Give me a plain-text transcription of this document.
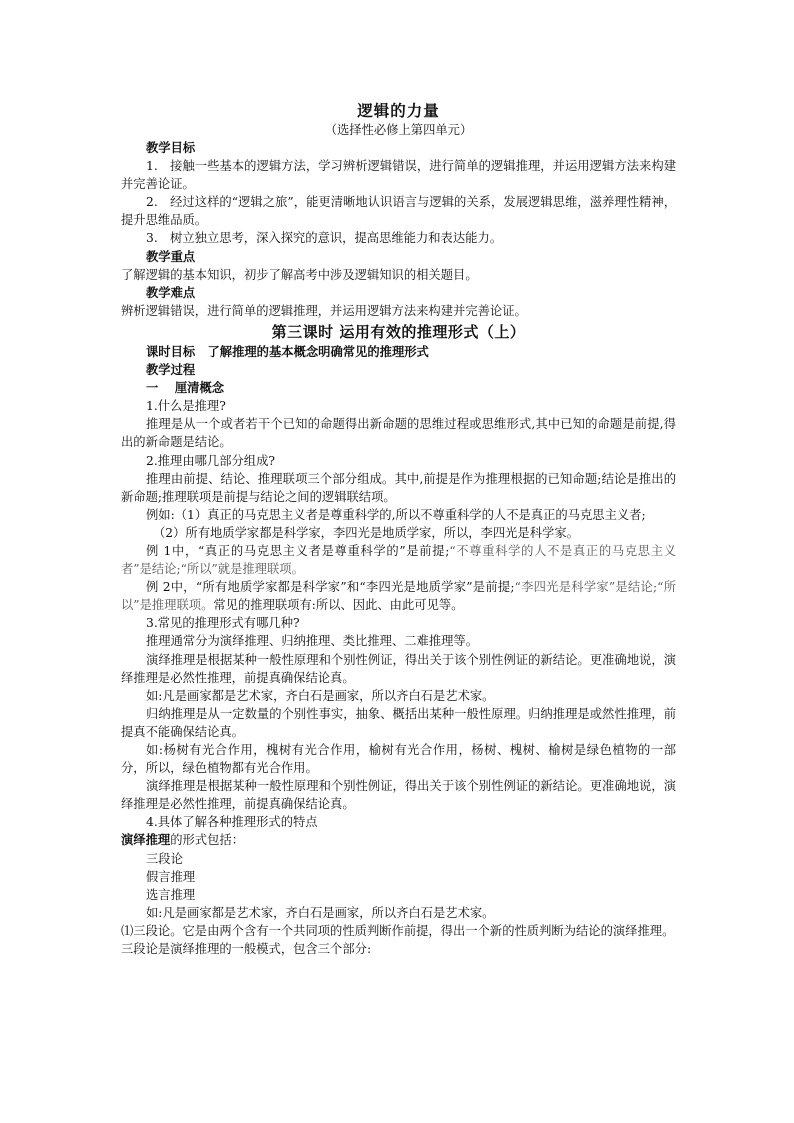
逻辑的力量

（选择性必修上第四单元）

教学目标

1.　接触一些基本的逻辑方法，学习辨析逻辑错误，进行简单的逻辑推理，并运用逻辑方法来构建并完善论证。

2.　经过这样的“逻辑之旅”，能更清晰地认识语言与逻辑的关系，发展逻辑思维，滋养理性精神，提升思维品质。

3.　树立独立思考，深入探究的意识，提高思维能力和表达能力。

教学重点

了解逻辑的基本知识，初步了解高考中涉及逻辑知识的相关题目。

教学难点

辨析逻辑错误，进行简单的逻辑推理，并运用逻辑方法来构建并完善论证。

第三课时 运用有效的推理形式（上）

课时目标　了解推理的基本概念明确常见的推理形式

教学过程

一　 厘清概念

1.什么是推理?

推理是从一个或者若干个已知的命题得出新命题的思维过程或思维形式,其中已知的命题是前提,得出的新命题是结论。

2.推理由哪几部分组成?

推理由前提、结论、推理联项三个部分组成。其中,前提是作为推理根据的已知命题;结论是推出的新命题;推理联项是前提与结论之间的逻辑联结项。

例如:（1）真正的马克思主义者是尊重科学的,所以不尊重科学的人不是真正的马克思主义者;

（2）所有地质学家都是科学家，李四光是地质学家，所以，李四光是科学家。

例 1中，“真正的马克思主义者是尊重科学的”是前提;“不尊重科学的人不是真正的马克思主义者”是结论;“所以”就是推理联项。

例 2中，“所有地质学家都是科学家”和“李四光是地质学家”是前提;“李四光是科学家”是结论;“所以”是推理联项。常见的推理联项有:所以、因此、由此可见等。

3.常见的推理形式有哪几种?

推理通常分为演绎推理、归纳推理、类比推理、二难推理等。

演绎推理是根据某种一般性原理和个别性例证，得出关于该个别性例证的新结论。更准确地说，演绎推理是必然性推理，前提真确保结论真。

如:凡是画家都是艺术家，齐白石是画家，所以齐白石是艺术家。

归纳推理是从一定数量的个别性事实，抽象、概括出某种一般性原理。归纳推理是或然性推理，前提真不能确保结论真。

如:杨树有光合作用，槐树有光合作用，榆树有光合作用，杨树、槐树、榆树是绿色植物的一部分，所以，绿色植物都有光合作用。

演绎推理是根据某种一般性原理和个别性例证，得出关于该个别性例证的新结论。更准确地说，演绎推理是必然性推理，前提真确保结论真。

4.具体了解各种推理形式的特点

演绎推理的形式包括：

三段论

假言推理

选言推理

如:凡是画家都是艺术家，齐白石是画家，所以齐白石是艺术家。

⑴三段论。它是由两个含有一个共同项的性质判断作前提，得出一个新的性质判断为结论的演绎推理。

三段论是演绎推理的一般模式，包含三个部分:
